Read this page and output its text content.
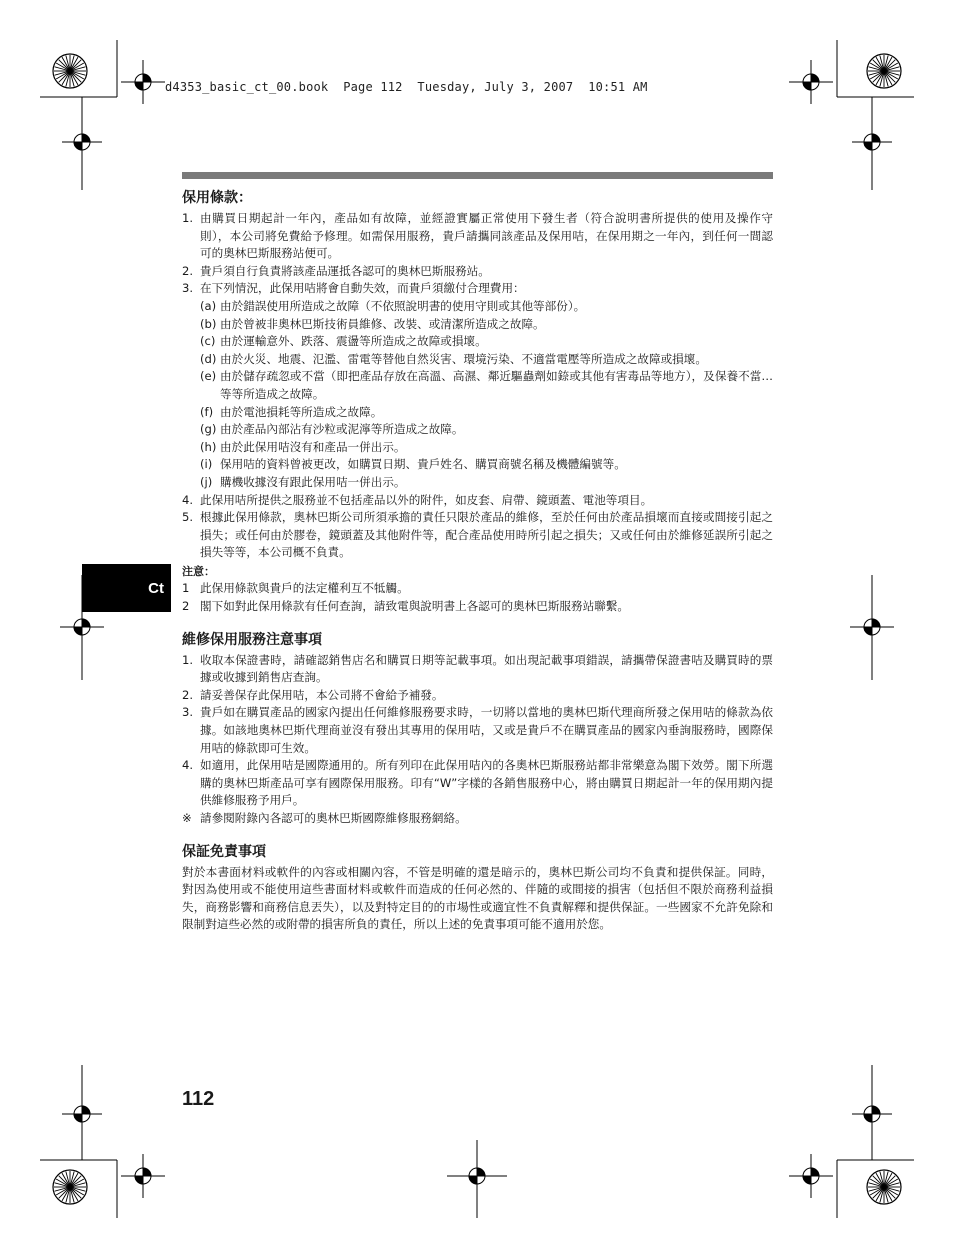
d4353_basic_ct_00.book  Page 112  Tuesday, July 3, 2007  10:51 AM
Ct
保用條款：
1. 由購買日期起計一年內，產品如有故障，並經證實屬正常使用下發生者（符合說明書所提供的使用及操作守則），本公司將免費給予修理。如需保用服務，貴戶請攜同該產品及保用咭，在保用期之一年內，到任何一間認可的奧林巴斯服務站便可。
2. 貴戶須自行負責將該產品運抵各認可的奧林巴斯服務站。
3. 在下列情況，此保用咭將會自動失效，而貴戶須繳付合理費用：
(a) 由於錯誤使用所造成之故障（不依照說明書的使用守則或其他等部份）。
(b) 由於曾被非奧林巴斯技術員維修、改裝、或清潔所造成之故障。
(c) 由於運輸意外、跌落、震盪等所造成之故障或損壞。
(d) 由於火災、地震、氾濫、雷電等替他自然災害、環境污染、不適當電壓等所造成之故障或損壞。
(e) 由於儲存疏忽或不當（即把產品存放在高溫、高濕、鄰近驅蟲劑如錼或其他有害毒品等地方），及保養不當…等等所造成之故障。
(f) 由於電池損耗等所造成之故障。
(g) 由於產品內部沾有沙粒或泥濘等所造成之故障。
(h) 由於此保用咭沒有和產品一併出示。
(i) 保用咭的資料曾被更改，如購買日期、貴戶姓名、購買商號名稱及機體編號等。
(j) 購機收據沒有跟此保用咭一併出示。
4. 此保用咭所提供之服務並不包括產品以外的附件，如皮套、肩帶、鏡頭蓋、電池等項目。
5. 根據此保用條款，奧林巴斯公司所須承擔的責任只限於產品的維修，至於任何由於產品損壞而直接或間接引起之損失；或任何由於膠卷，鏡頭蓋及其他附件等，配合產品使用時所引起之損失；又或任何由於維修延誤所引起之損失等等，本公司概不負責。
注意：
1 此保用條款與貴戶的法定權利互不牴觸。
2 閣下如對此保用條款有任何查詢，請致電與說明書上各認可的奧林巴斯服務站聯繫。
維修保用服務注意事項
1. 收取本保證書時，請確認銷售店名和購買日期等記載事項。如出現記載事項錯誤，請攜帶保證書咭及購買時的票據或收據到銷售店查詢。
2. 請妥善保存此保用咭，本公司將不會給予補發。
3. 貴戶如在購買產品的國家內提出任何維修服務要求時，一切將以當地的奧林巴斯代理商所發之保用咭的條款為依據。如該地奧林巴斯代理商並沒有發出其專用的保用咭，又或是貴戶不在購買產品的國家內垂詢服務時，國際保用咭的條款即可生效。
4. 如適用，此保用咭是國際通用的。所有列印在此保用咭內的各奧林巴斯服務站都非常樂意為閣下效勞。閣下所選購的奧林巴斯產品可享有國際保用服務。印有“W”字樣的各銷售服務中心，將由購買日期起計一年的保用期內提供維修服務予用戶。
※ 請參閱附錄內各認可的奧林巴斯國際維修服務網絡。
保証免責事項
對於本書面材料或軟件的內容或相關內容，不管是明確的還是暗示的，奧林巴斯公司均不負責和提供保証。同時，對因為使用或不能使用這些書面材料或軟件而造成的任何必然的、伴隨的或間接的損害（包括但不限於商務利益損失，商務影響和商務信息丟失），以及對特定目的的市場性或適宜性不負責解釋和提供保証。一些國家不允許免除和限制對這些必然的或附帶的損害所負的責任，所以上述的免責事項可能不適用於您。
112
